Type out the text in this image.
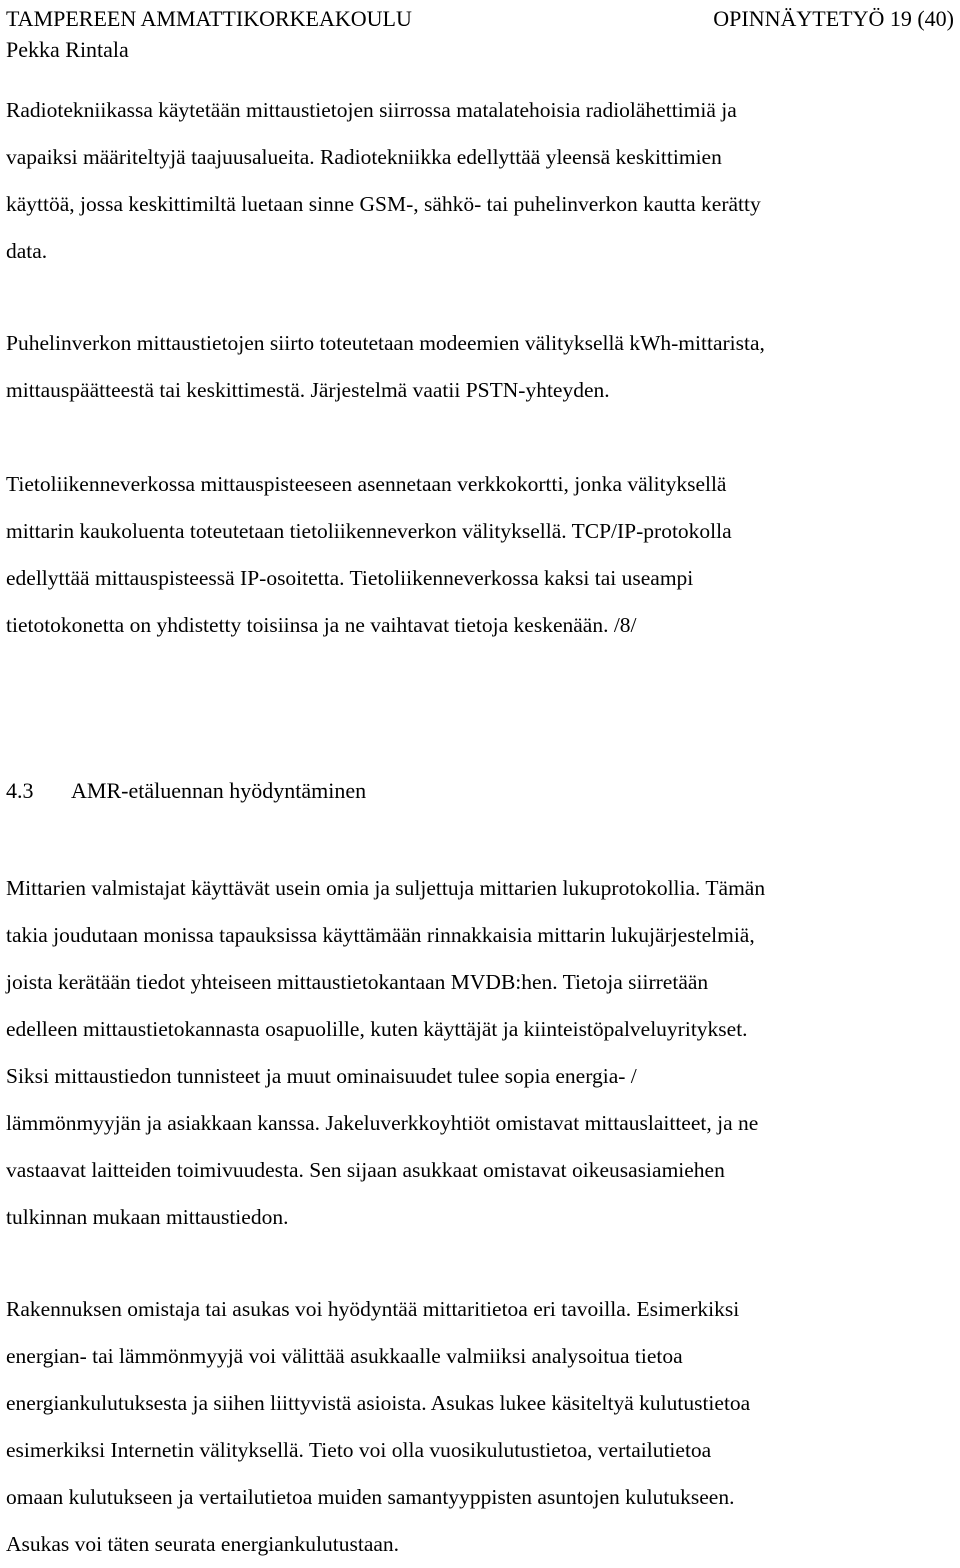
TAMPEREEN AMMATTIKORKEAKOULU	OPINNÄYTETYÖ 19 (40)
Pekka Rintala
Radiotekniikassa käytetään mittaustietojen siirrossa matalatehoisia radiolähettimiä ja
vapaiksi määriteltyjä taajuusalueita. Radiotekniikka edellyttää yleensä keskittimien
käyttöä, jossa keskittimiltä luetaan sinne GSM-, sähkö- tai puhelinverkon kautta kerätty
data.
Puhelinverkon mittaustietojen siirto toteutetaan modeemien välityksellä kWh-mittarista,
mittauspäätteestä tai keskittimestä. Järjestelmä vaatii PSTN-yhteyden.
Tietoliikenneverkossa mittauspisteeseen asennetaan verkkokortti, jonka välityksellä
mittarin kaukoluenta toteutetaan tietoliikenneverkon välityksellä. TCP/IP-protokolla
edellyttää mittauspisteessä IP-osoitetta. Tietoliikenneverkossa kaksi tai useampi
tietotokonetta on yhdistetty toisiinsa ja ne vaihtavat tietoja keskenään. /8/
4.3 AMR-etäluennan hyödyntäminen
Mittarien valmistajat käyttävät usein omia ja suljettuja mittarien lukuprotokollia. Tämän
takia joudutaan monissa tapauksissa käyttämään rinnakkaisia mittarin lukujärjestelmiä,
joista kerätään tiedot yhteiseen mittaustietokantaan MVDB:hen. Tietoja siirretään
edelleen mittaustietokannasta osapuolille, kuten käyttäjät ja kiinteistöpalveluyritykset.
Siksi mittaustiedon tunnisteet ja muut ominaisuudet tulee sopia energia- /
lämmönmyyjän ja asiakkaan kanssa. Jakeluverkkoyhtiöt omistavat mittauslaitteet, ja ne
vastaavat laitteiden toimivuudesta. Sen sijaan asukkaat omistavat oikeusasiamiehen
tulkinnan mukaan mittaustiedon.
Rakennuksen omistaja tai asukas voi hyödyntää mittaritietoa eri tavoilla. Esimerkiksi
energian- tai lämmönmyyjä voi välittää asukkaalle valmiiksi analysoitua tietoa
energiankulutuksesta ja siihen liittyvistä asioista. Asukas lukee käsiteltyä kulutustietoa
esimerkiksi Internetin välityksellä. Tieto voi olla vuosikulutustietoa, vertailutietoa
omaan kulutukseen ja vertailutietoa muiden samantyyppisten asuntojen kulutukseen.
Asukas voi täten seurata energiankulutustaan.
